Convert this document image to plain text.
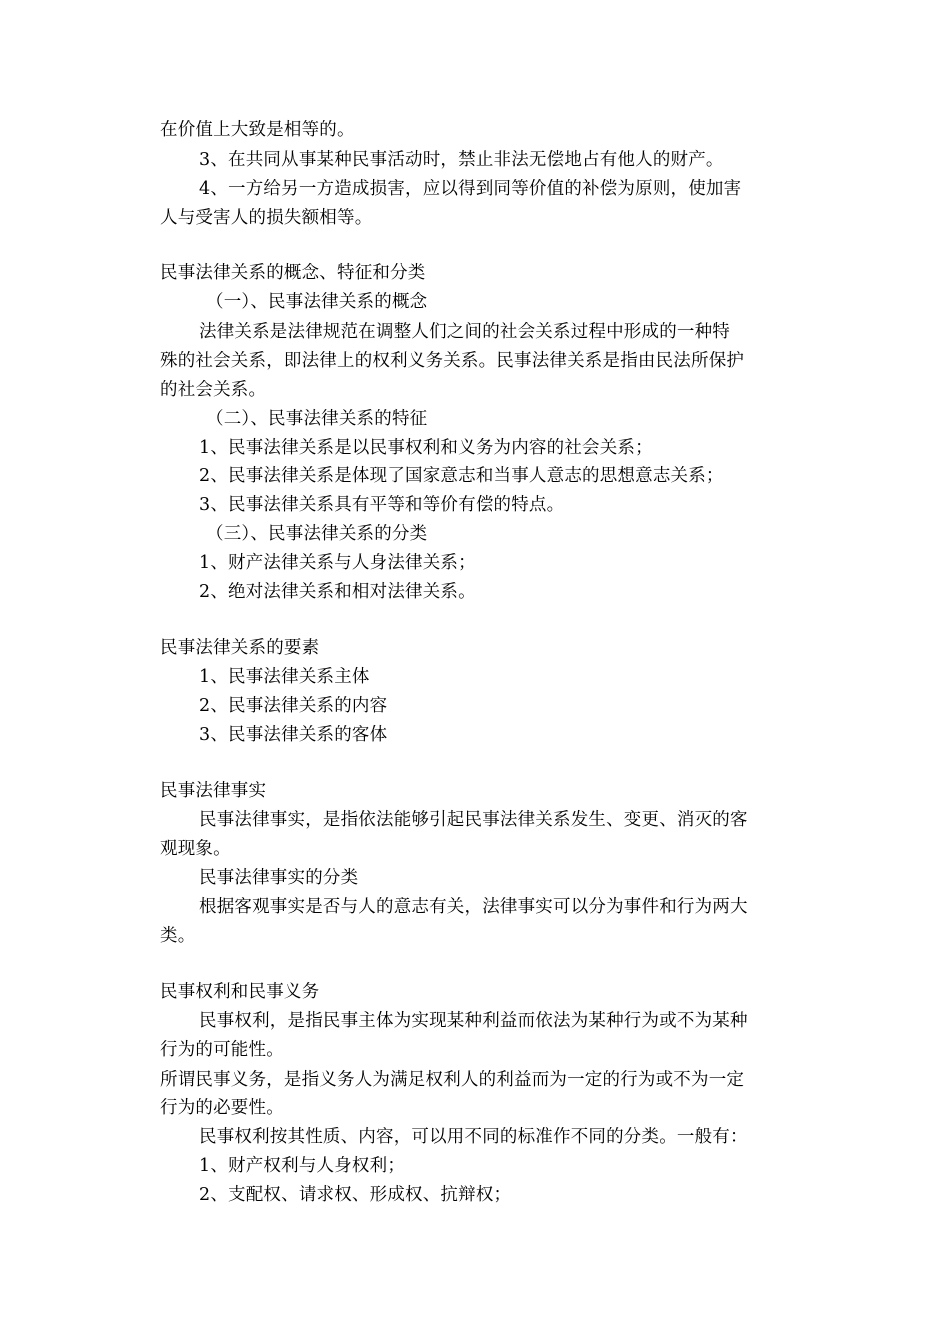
在价值上大致是相等的。
3、在共同从事某种民事活动时，禁止非法无偿地占有他人的财产。
4、一方给另一方造成损害，应以得到同等价值的补偿为原则，使加害
人与受害人的损失额相等。
民事法律关系的概念、特征和分类
（一）、民事法律关系的概念
法律关系是法律规范在调整人们之间的社会关系过程中形成的一种特
殊的社会关系，即法律上的权利义务关系。民事法律关系是指由民法所保护
的社会关系。
（二）、民事法律关系的特征
1、民事法律关系是以民事权利和义务为内容的社会关系；
2、民事法律关系是体现了国家意志和当事人意志的思想意志关系；
3、民事法律关系具有平等和等价有偿的特点。
（三）、民事法律关系的分类
1、财产法律关系与人身法律关系；
2、绝对法律关系和相对法律关系。
民事法律关系的要素
1、民事法律关系主体
2、民事法律关系的内容
3、民事法律关系的客体
民事法律事实
民事法律事实，是指依法能够引起民事法律关系发生、变更、消灭的客
观现象。
民事法律事实的分类
根据客观事实是否与人的意志有关，法律事实可以分为事件和行为两大
类。
民事权利和民事义务
民事权利，是指民事主体为实现某种利益而依法为某种行为或不为某种
行为的可能性。
所谓民事义务，是指义务人为满足权利人的利益而为一定的行为或不为一定
行为的必要性。
民事权利按其性质、内容，可以用不同的标准作不同的分类。一般有：
1、财产权利与人身权利；
2、支配权、请求权、形成权、抗辩权；
